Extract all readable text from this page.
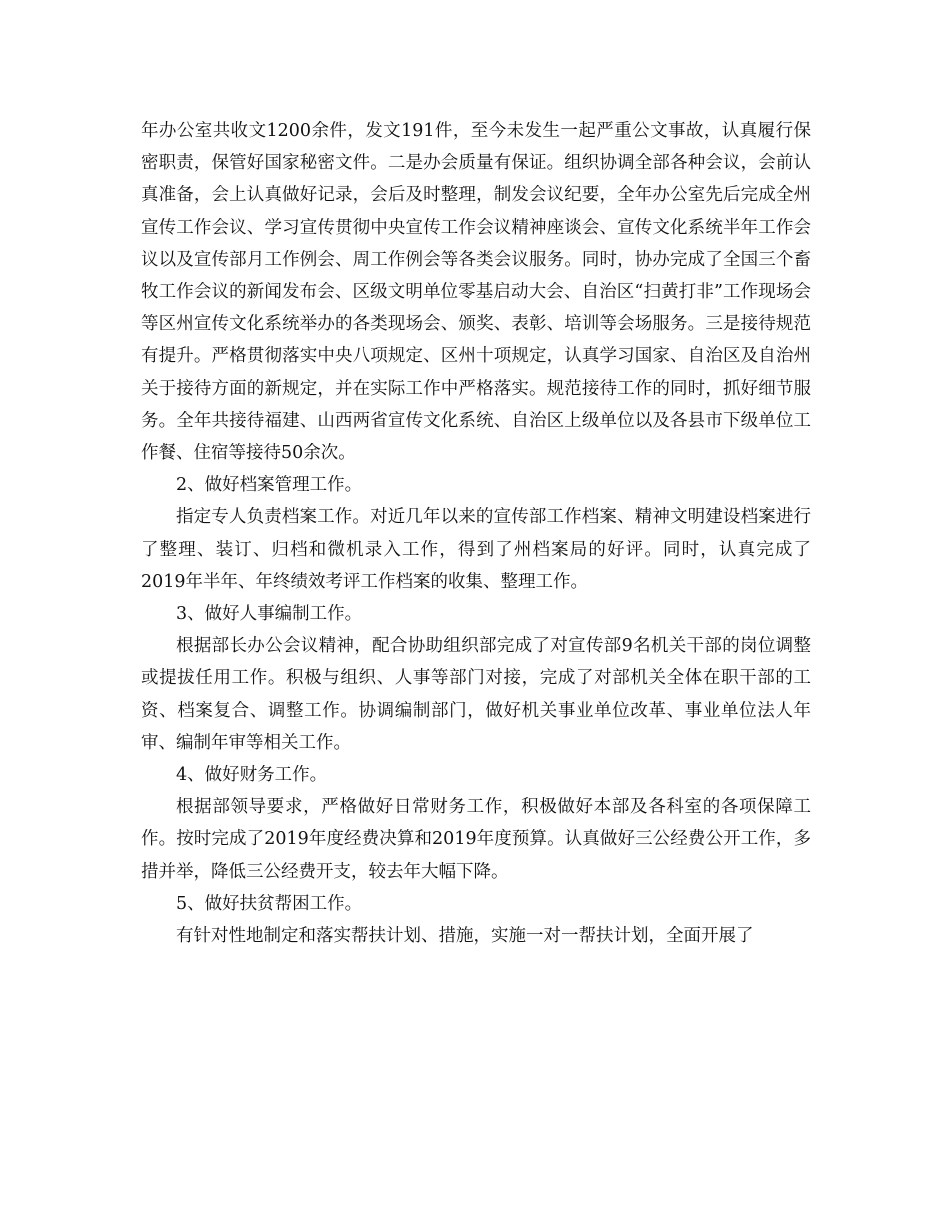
年办公室共收文1200余件，发文191件，至今未发生一起严重公文事故，认真履行保密职责，保管好国家秘密文件。二是办会质量有保证。组织协调全部各种会议，会前认真准备，会上认真做好记录，会后及时整理，制发会议纪要，全年办公室先后完成全州宣传工作会议、学习宣传贯彻中央宣传工作会议精神座谈会、宣传文化系统半年工作会议以及宣传部月工作例会、周工作例会等各类会议服务。同时，协办完成了全国三个畜牧工作会议的新闻发布会、区级文明单位零基启动大会、自治区“扫黄打非”工作现场会等区州宣传文化系统举办的各类现场会、颁奖、表彰、培训等会场服务。三是接待规范有提升。严格贯彻落实中央八项规定、区州十项规定，认真学习国家、自治区及自治州关于接待方面的新规定，并在实际工作中严格落实。规范接待工作的同时，抓好细节服务。全年共接待福建、山西两省宣传文化系统、自治区上级单位以及各县市下级单位工作餐、住宿等接待50余次。

2、做好档案管理工作。

指定专人负责档案工作。对近几年以来的宣传部工作档案、精神文明建设档案进行了整理、装订、归档和微机录入工作，得到了州档案局的好评。同时，认真完成了2019年半年、年终绩效考评工作档案的收集、整理工作。

3、做好人事编制工作。

根据部长办公会议精神，配合协助组织部完成了对宣传部9名机关干部的岗位调整或提拔任用工作。积极与组织、人事等部门对接，完成了对部机关全体在职干部的工资、档案复合、调整工作。协调编制部门，做好机关事业单位改革、事业单位法人年审、编制年审等相关工作。

4、做好财务工作。

根据部领导要求，严格做好日常财务工作，积极做好本部及各科室的各项保障工作。按时完成了2019年度经费决算和2019年度预算。认真做好三公经费公开工作，多措并举，降低三公经费开支，较去年大幅下降。

5、做好扶贫帮困工作。

有针对性地制定和落实帮扶计划、措施，实施一对一帮扶计划，全面开展了
